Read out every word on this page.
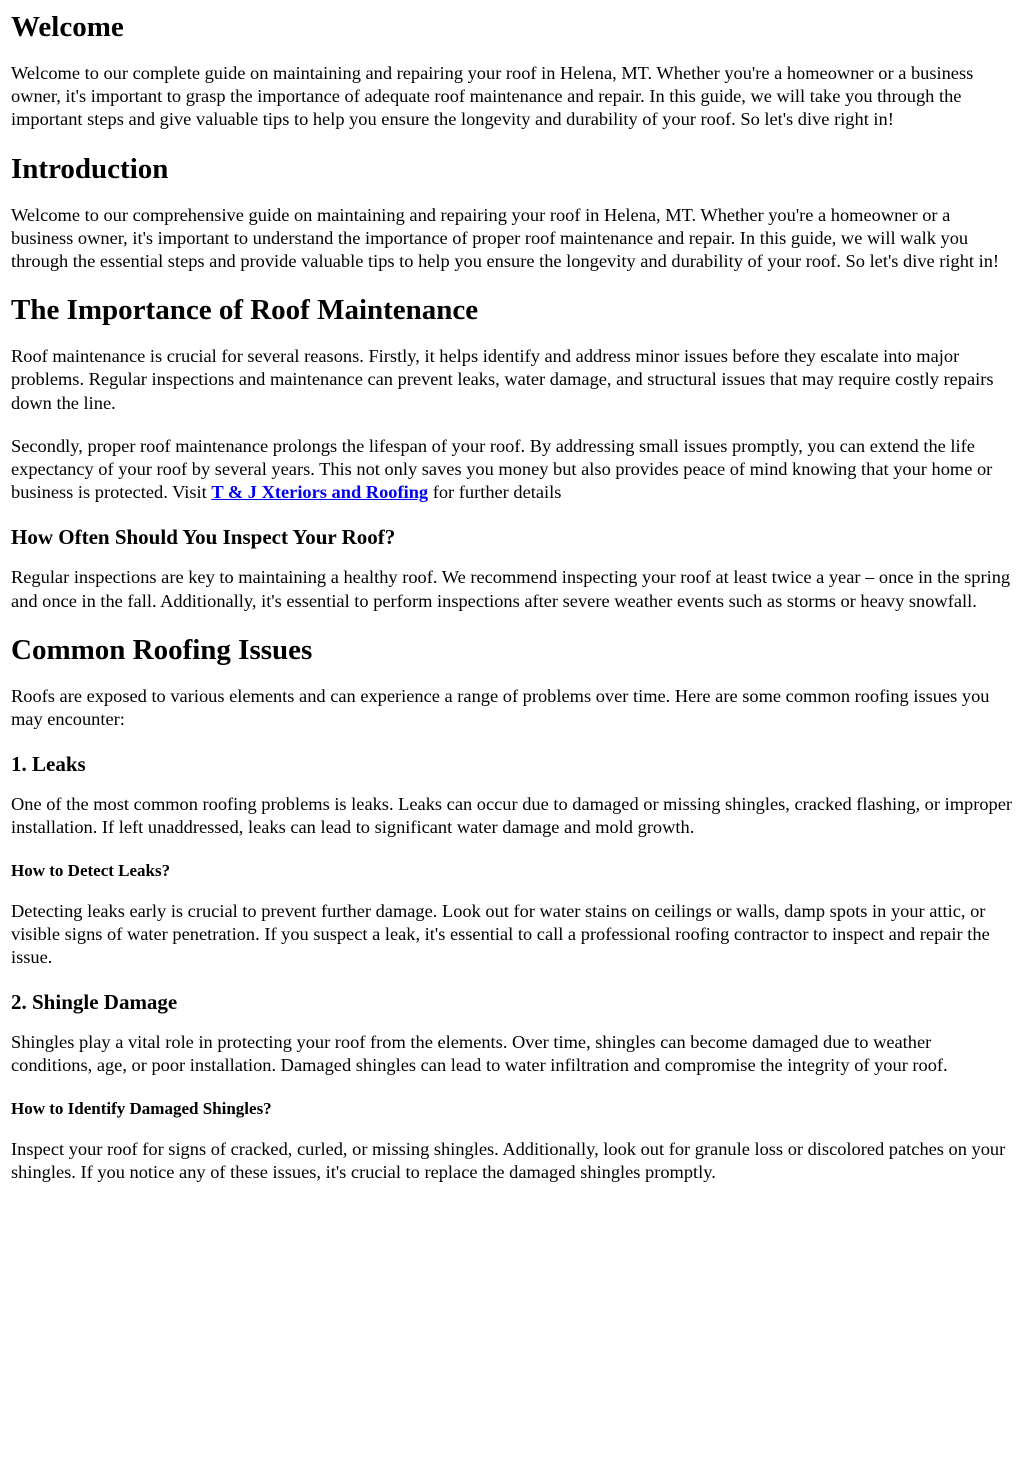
Welcome

Welcome to our complete guide on maintaining and repairing your roof in Helena, MT. Whether you're a homeowner or a business owner, it's important to grasp the importance of adequate roof maintenance and repair. In this guide, we will take you through the important steps and give valuable tips to help you ensure the longevity and durability of your roof. So let's dive right in!

Introduction

Welcome to our comprehensive guide on maintaining and repairing your roof in Helena, MT. Whether you're a homeowner or a business owner, it's important to understand the importance of proper roof maintenance and repair. In this guide, we will walk you through the essential steps and provide valuable tips to help you ensure the longevity and durability of your roof. So let's dive right in!

The Importance of Roof Maintenance

Roof maintenance is crucial for several reasons. Firstly, it helps identify and address minor issues before they escalate into major problems. Regular inspections and maintenance can prevent leaks, water damage, and structural issues that may require costly repairs down the line.

Secondly, proper roof maintenance prolongs the lifespan of your roof. By addressing small issues promptly, you can extend the life expectancy of your roof by several years. This not only saves you money but also provides peace of mind knowing that your home or business is protected. Visit T & J Xteriors and Roofing for further details

How Often Should You Inspect Your Roof?

Regular inspections are key to maintaining a healthy roof. We recommend inspecting your roof at least twice a year – once in the spring and once in the fall. Additionally, it's essential to perform inspections after severe weather events such as storms or heavy snowfall.

Common Roofing Issues

Roofs are exposed to various elements and can experience a range of problems over time. Here are some common roofing issues you may encounter:

1. Leaks

One of the most common roofing problems is leaks. Leaks can occur due to damaged or missing shingles, cracked flashing, or improper installation. If left unaddressed, leaks can lead to significant water damage and mold growth.

How to Detect Leaks?

Detecting leaks early is crucial to prevent further damage. Look out for water stains on ceilings or walls, damp spots in your attic, or visible signs of water penetration. If you suspect a leak, it's essential to call a professional roofing contractor to inspect and repair the issue.

2. Shingle Damage

Shingles play a vital role in protecting your roof from the elements. Over time, shingles can become damaged due to weather conditions, age, or poor installation. Damaged shingles can lead to water infiltration and compromise the integrity of your roof.

How to Identify Damaged Shingles?

Inspect your roof for signs of cracked, curled, or missing shingles. Additionally, look out for granule loss or discolored patches on your shingles. If you notice any of these issues, it's crucial to replace the damaged shingles promptly.
